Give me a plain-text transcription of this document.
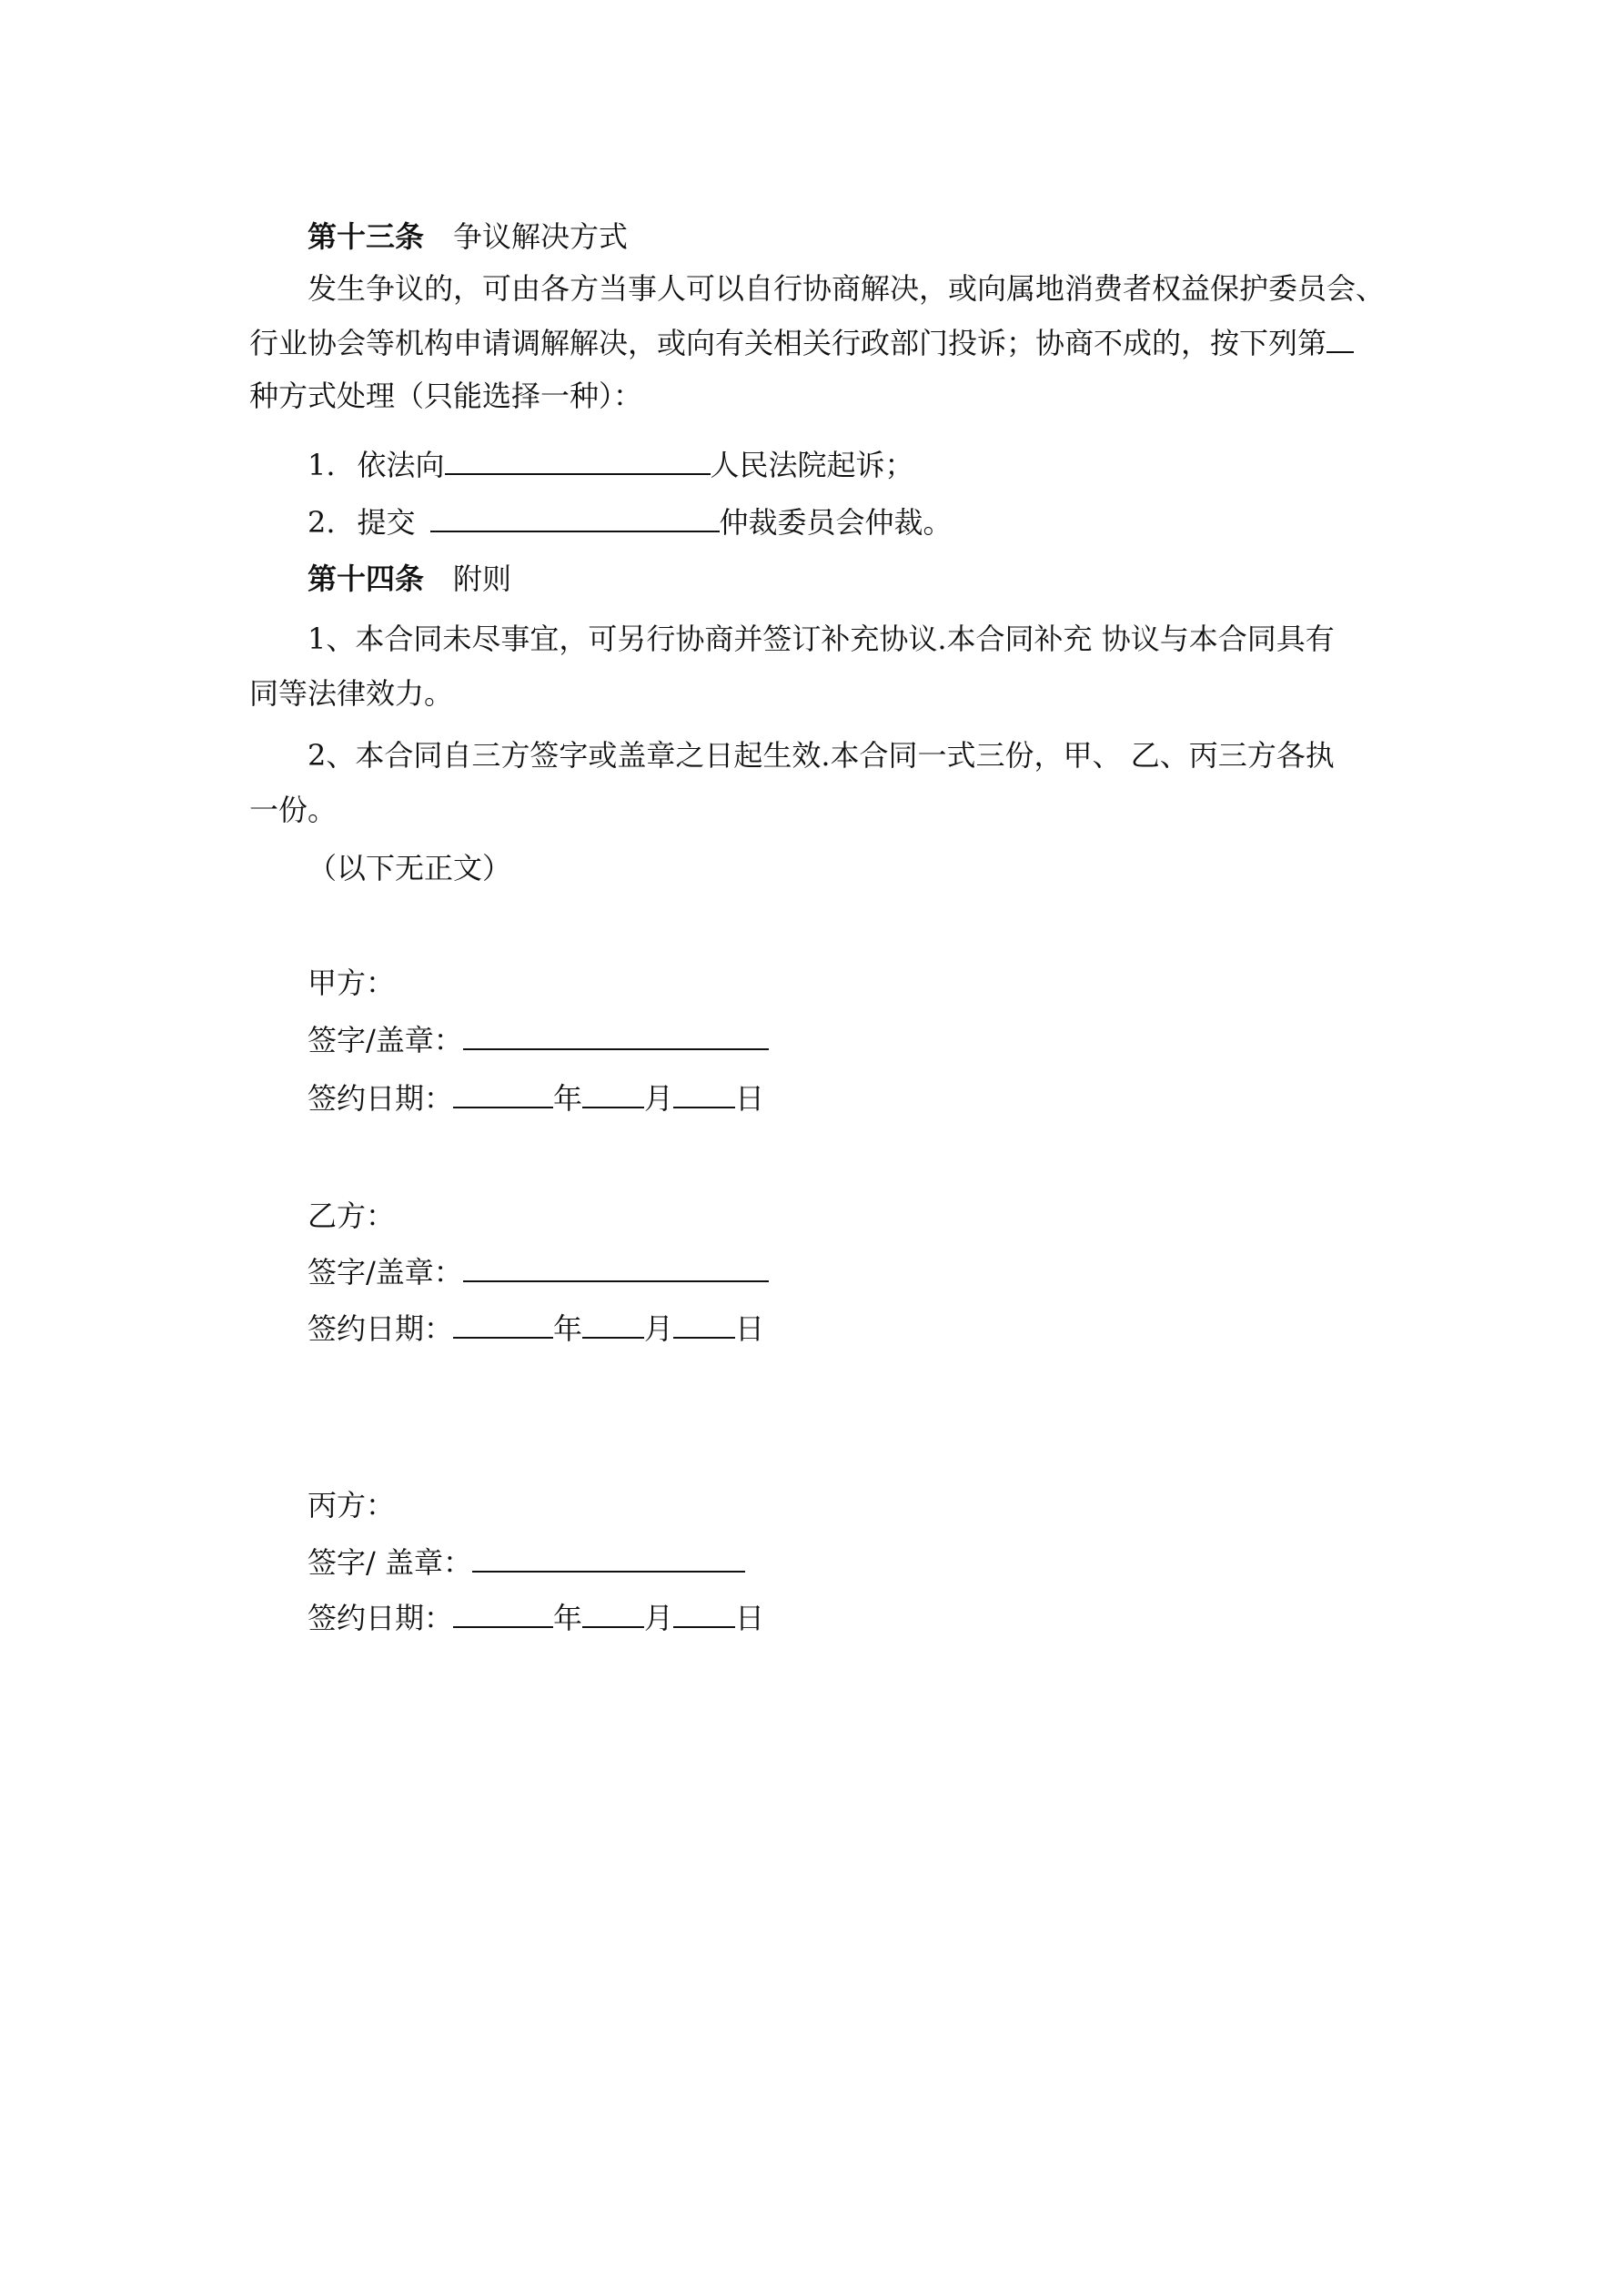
第十三条 争议解决方式
发生争议的，可由各方当事人可以自行协商解决，或向属地消费者权益保护委员会、
行业协会等机构申请调解解决，或向有关相关行政部门投诉；协商不成的，按下列第
种方式处理（只能选择一种）：
1. 依法向	人民法院起诉；
2. 提交	仲裁委员会仲裁。
第十四条 附则
1、本合同未尽事宜，可另行协商并签订补充协议.本合同补充 协议与本合同具有
同等法律效力。
2、本合同自三方签字或盖章之日起生效.本合同一式三份，甲、 乙、丙三方各执
一份。
（以下无正文）
甲方：
签字/盖章：
签约日期：	年 月 日
乙方：
签字/盖章：
签约日期：	年 月 日
丙方：
签字/ 盖章：
签约日期：	年 月 日
